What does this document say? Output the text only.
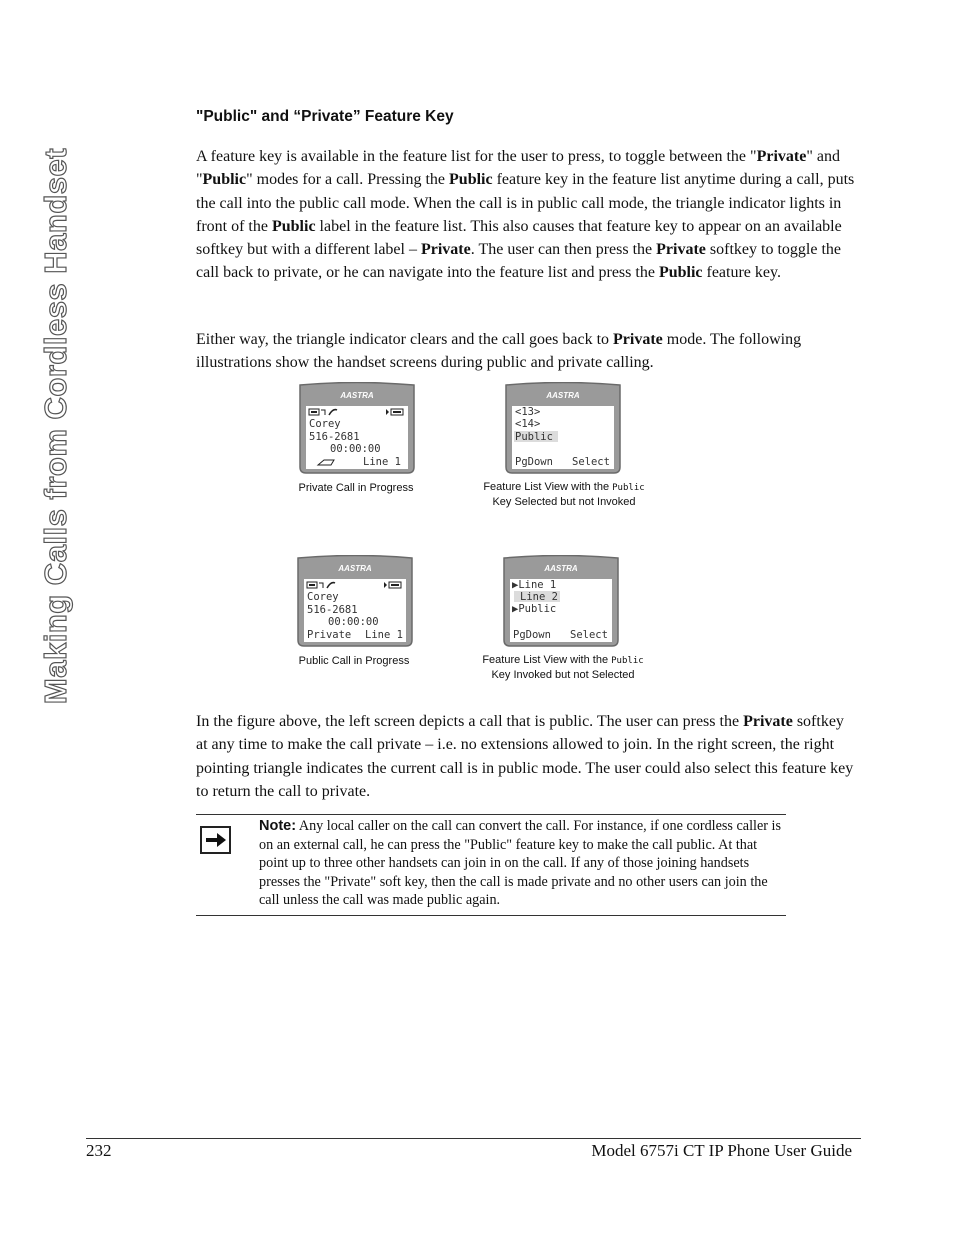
Making Calls from Cordless Handset
"Public" and “Private” Feature Key

A feature key is available in the feature list for the user to press, to toggle between the "Private" and "Public" modes for a call. Pressing the Public feature key in the feature list anytime during a call, puts the call into the public call mode. When the call is in public call mode, the triangle indicator lights in front of the Public label in the feature list. This also causes that feature key to appear on an available softkey but with a different label – Private. The user can then press the Private softkey to toggle the call back to private, or he can navigate into the feature list and press the Public feature key.

Either way, the triangle indicator clears and the call goes back to Private mode. The following illustrations show the handset screens during public and private calling.

AASTRA
Corey
516-2681
00:00:00
Line 1
Private Call in Progress
AASTRA
<13>
<14>
Public
PgDown Select
Feature List View with the Public
Key Selected but not Invoked
AASTRA
Corey
516-2681
00:00:00
Private Line 1
Public Call in Progress
AASTRA
▶Line 1
Line 2
▶Public
PgDown Select
Feature List View with the Public
Key Invoked but not Selected

In the figure above, the left screen depicts a call that is public. The user can press the Private softkey at any time to make the call private – i.e. no extensions allowed to join. In the right screen, the right pointing triangle indicates the current call is in public mode. The user could also select this feature key to return the call to private.

Note: Any local caller on the call can convert the call. For instance, if one cordless caller is on an external call, he can press the "Public" feature key to make the call public. At that point up to three other handsets can join in on the call. If any of those joining handsets presses the "Private" soft key, then the call is made private and no other users can join the call unless the call was made public again.
232	Model 6757i CT IP Phone User Guide
